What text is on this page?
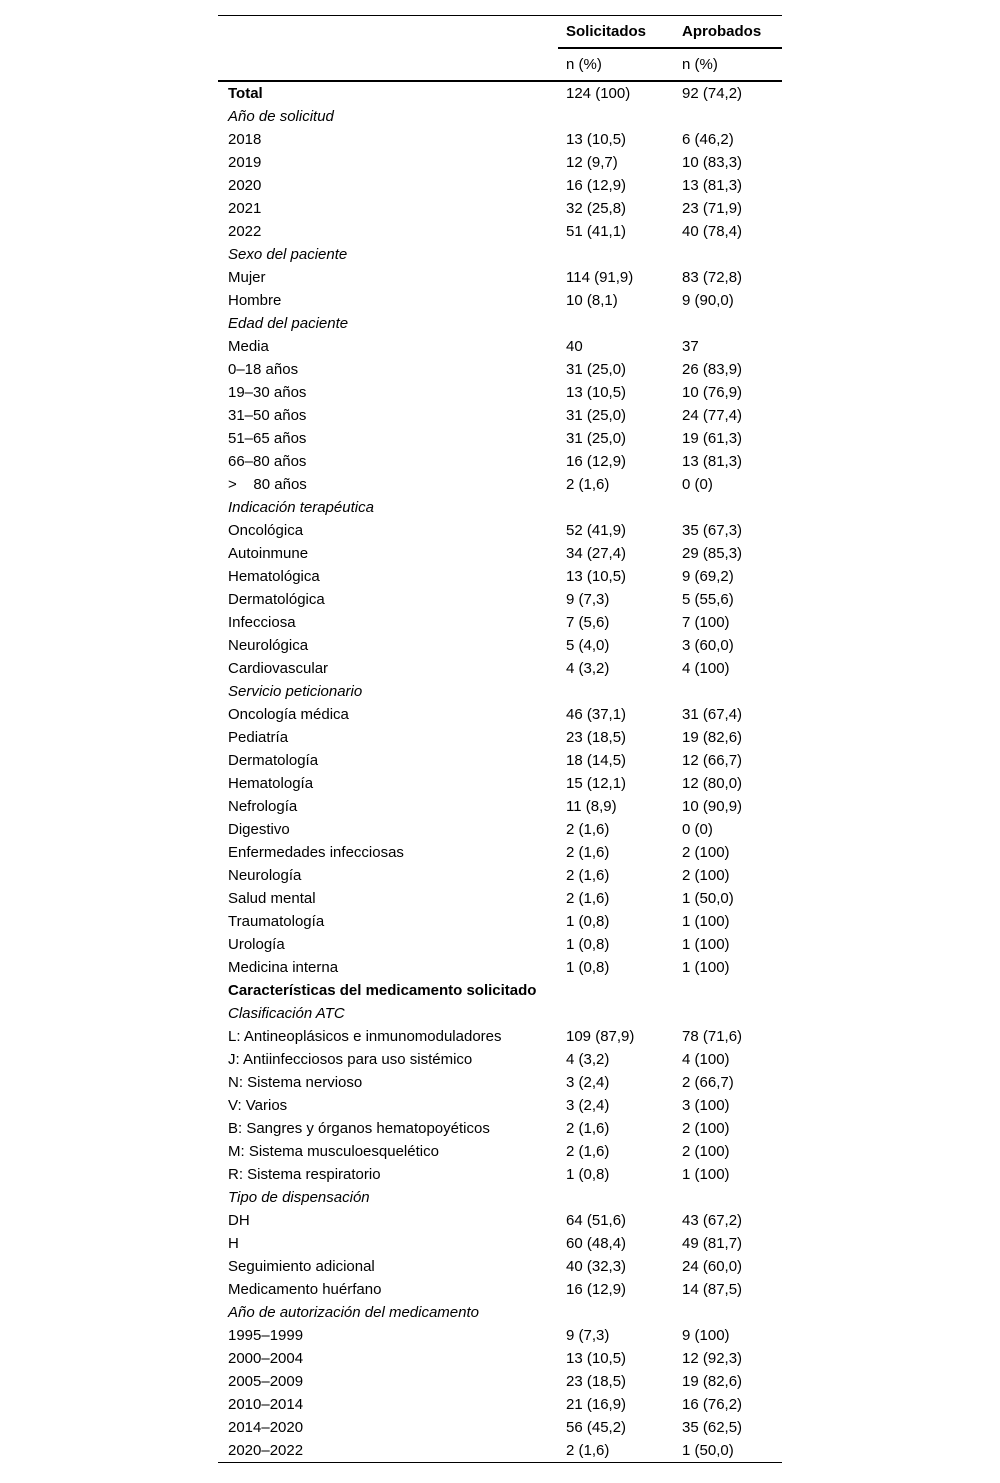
	Solicitados	Aprobados
	n (%)	n (%)
Total	124 (100)	92 (74,2)
Año de solicitud		
2018	13 (10,5)	6 (46,2)
2019	12 (9,7)	10 (83,3)
2020	16 (12,9)	13 (81,3)
2021	32 (25,8)	23 (71,9)
2022	51 (41,1)	40 (78,4)
Sexo del paciente		
Mujer	114 (91,9)	83 (72,8)
Hombre	10 (8,1)	9 (90,0)
Edad del paciente		
Media	40	37
0–18 años	31 (25,0)	26 (83,9)
19–30 años	13 (10,5)	10 (76,9)
31–50 años	31 (25,0)	24 (77,4)
51–65 años	31 (25,0)	19 (61,3)
66–80 años	16 (12,9)	13 (81,3)
>    80 años	2 (1,6)	0 (0)
Indicación terapéutica		
Oncológica	52 (41,9)	35 (67,3)
Autoinmune	34 (27,4)	29 (85,3)
Hematológica	13 (10,5)	9 (69,2)
Dermatológica	9 (7,3)	5 (55,6)
Infecciosa	7 (5,6)	7 (100)
Neurológica	5 (4,0)	3 (60,0)
Cardiovascular	4 (3,2)	4 (100)
Servicio peticionario		
Oncología médica	46 (37,1)	31 (67,4)
Pediatría	23 (18,5)	19 (82,6)
Dermatología	18 (14,5)	12 (66,7)
Hematología	15 (12,1)	12 (80,0)
Nefrología	11 (8,9)	10 (90,9)
Digestivo	2 (1,6)	0 (0)
Enfermedades infecciosas	2 (1,6)	2 (100)
Neurología	2 (1,6)	2 (100)
Salud mental	2 (1,6)	1 (50,0)
Traumatología	1 (0,8)	1 (100)
Urología	1 (0,8)	1 (100)
Medicina interna	1 (0,8)	1 (100)
Características del medicamento solicitado		
Clasificación ATC		
L: Antineoplásicos e inmunomoduladores	109 (87,9)	78 (71,6)
J: Antiinfecciosos para uso sistémico	4 (3,2)	4 (100)
N: Sistema nervioso	3 (2,4)	2 (66,7)
V: Varios	3 (2,4)	3 (100)
B: Sangres y órganos hematopoyéticos	2 (1,6)	2 (100)
M: Sistema musculoesquelético	2 (1,6)	2 (100)
R: Sistema respiratorio	1 (0,8)	1 (100)
Tipo de dispensación		
DH	64 (51,6)	43 (67,2)
H	60 (48,4)	49 (81,7)
Seguimiento adicional	40 (32,3)	24 (60,0)
Medicamento huérfano	16 (12,9)	14 (87,5)
Año de autorización del medicamento		
1995–1999	9 (7,3)	9 (100)
2000–2004	13 (10,5)	12 (92,3)
2005–2009	23 (18,5)	19 (82,6)
2010–2014	21 (16,9)	16 (76,2)
2014–2020	56 (45,2)	35 (62,5)
2020–2022	2 (1,6)	1 (50,0)
